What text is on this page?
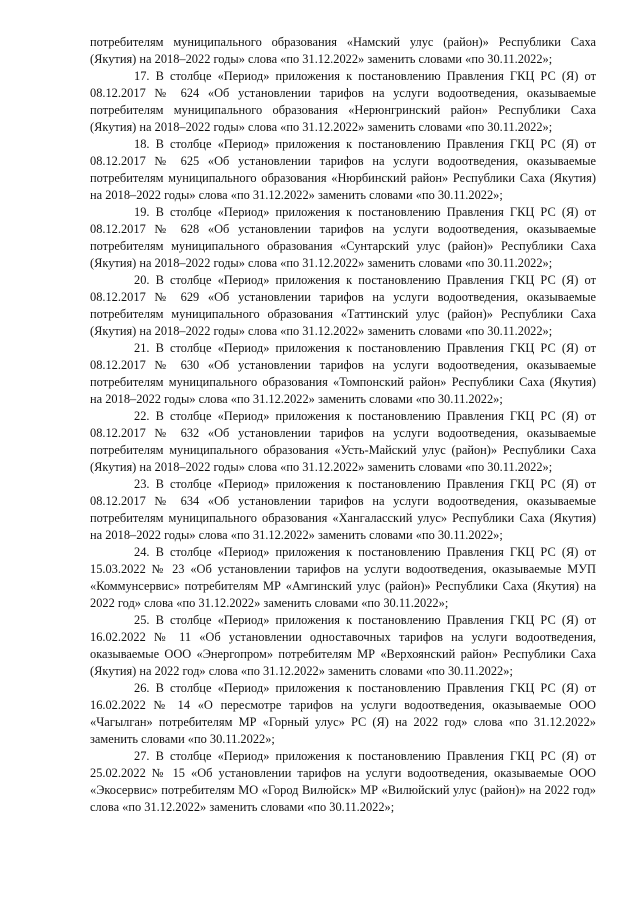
потребителям муниципального образования «Намский улус (район)» Республики Саха (Якутия) на 2018–2022 годы» слова «по 31.12.2022» заменить словами «по 30.11.2022»;

17. В столбце «Период» приложения к постановлению Правления ГКЦ РС (Я) от 08.12.2017 № 624 «Об установлении тарифов на услуги водоотведения, оказываемые потребителям муниципального образования «Нерюнгринский район» Республики Саха (Якутия) на 2018–2022 годы» слова «по 31.12.2022» заменить словами «по 30.11.2022»;

18. В столбце «Период» приложения к постановлению Правления ГКЦ РС (Я) от 08.12.2017 № 625 «Об установлении тарифов на услуги водоотведения, оказываемые потребителям муниципального образования «Нюрбинский район» Республики Саха (Якутия) на 2018–2022 годы» слова «по 31.12.2022» заменить словами «по 30.11.2022»;

19. В столбце «Период» приложения к постановлению Правления ГКЦ РС (Я) от 08.12.2017 № 628 «Об установлении тарифов на услуги водоотведения, оказываемые потребителям муниципального образования «Сунтарский улус (район)» Республики Саха (Якутия) на 2018–2022 годы» слова «по 31.12.2022» заменить словами «по 30.11.2022»;

20. В столбце «Период» приложения к постановлению Правления ГКЦ РС (Я) от 08.12.2017 № 629 «Об установлении тарифов на услуги водоотведения, оказываемые потребителям муниципального образования «Таттинский улус (район)» Республики Саха (Якутия) на 2018–2022 годы» слова «по 31.12.2022» заменить словами «по 30.11.2022»;

21. В столбце «Период» приложения к постановлению Правления ГКЦ РС (Я) от 08.12.2017 № 630 «Об установлении тарифов на услуги водоотведения, оказываемые потребителям муниципального образования «Томпонский район» Республики Саха (Якутия) на 2018–2022 годы» слова «по 31.12.2022» заменить словами «по 30.11.2022»;

22. В столбце «Период» приложения к постановлению Правления ГКЦ РС (Я) от 08.12.2017 № 632 «Об установлении тарифов на услуги водоотведения, оказываемые потребителям муниципального образования «Усть-Майский улус (район)» Республики Саха (Якутия) на 2018–2022 годы» слова «по 31.12.2022» заменить словами «по 30.11.2022»;

23. В столбце «Период» приложения к постановлению Правления ГКЦ РС (Я) от 08.12.2017 № 634 «Об установлении тарифов на услуги водоотведения, оказываемые потребителям муниципального образования «Хангаласский улус» Республики Саха (Якутия) на 2018–2022 годы» слова «по 31.12.2022» заменить словами «по 30.11.2022»;

24. В столбце «Период» приложения к постановлению Правления ГКЦ РС (Я) от 15.03.2022 № 23 «Об установлении тарифов на услуги водоотведения, оказываемые МУП «Коммунсервис» потребителям МР «Амгинский улус (район)» Республики Саха (Якутия) на 2022 год» слова «по 31.12.2022» заменить словами «по 30.11.2022»;

25. В столбце «Период» приложения к постановлению Правления ГКЦ РС (Я) от 16.02.2022 № 11 «Об установлении одноставочных тарифов на услуги водоотведения, оказываемые ООО «Энергопром» потребителям МР «Верхоянский район» Республики Саха (Якутия) на 2022 год» слова «по 31.12.2022» заменить словами «по 30.11.2022»;

26. В столбце «Период» приложения к постановлению Правления ГКЦ РС (Я) от 16.02.2022 № 14 «О пересмотре тарифов на услуги водоотведения, оказываемые ООО «Чагылган» потребителям МР «Горный улус» РС (Я) на 2022 год» слова «по 31.12.2022» заменить словами «по 30.11.2022»;

27. В столбце «Период» приложения к постановлению Правления ГКЦ РС (Я) от 25.02.2022 № 15 «Об установлении тарифов на услуги водоотведения, оказываемые ООО «Экосервис» потребителям МО «Город Вилюйск» МР «Вилюйский улус (район)» на 2022 год» слова «по 31.12.2022» заменить словами «по 30.11.2022»;
